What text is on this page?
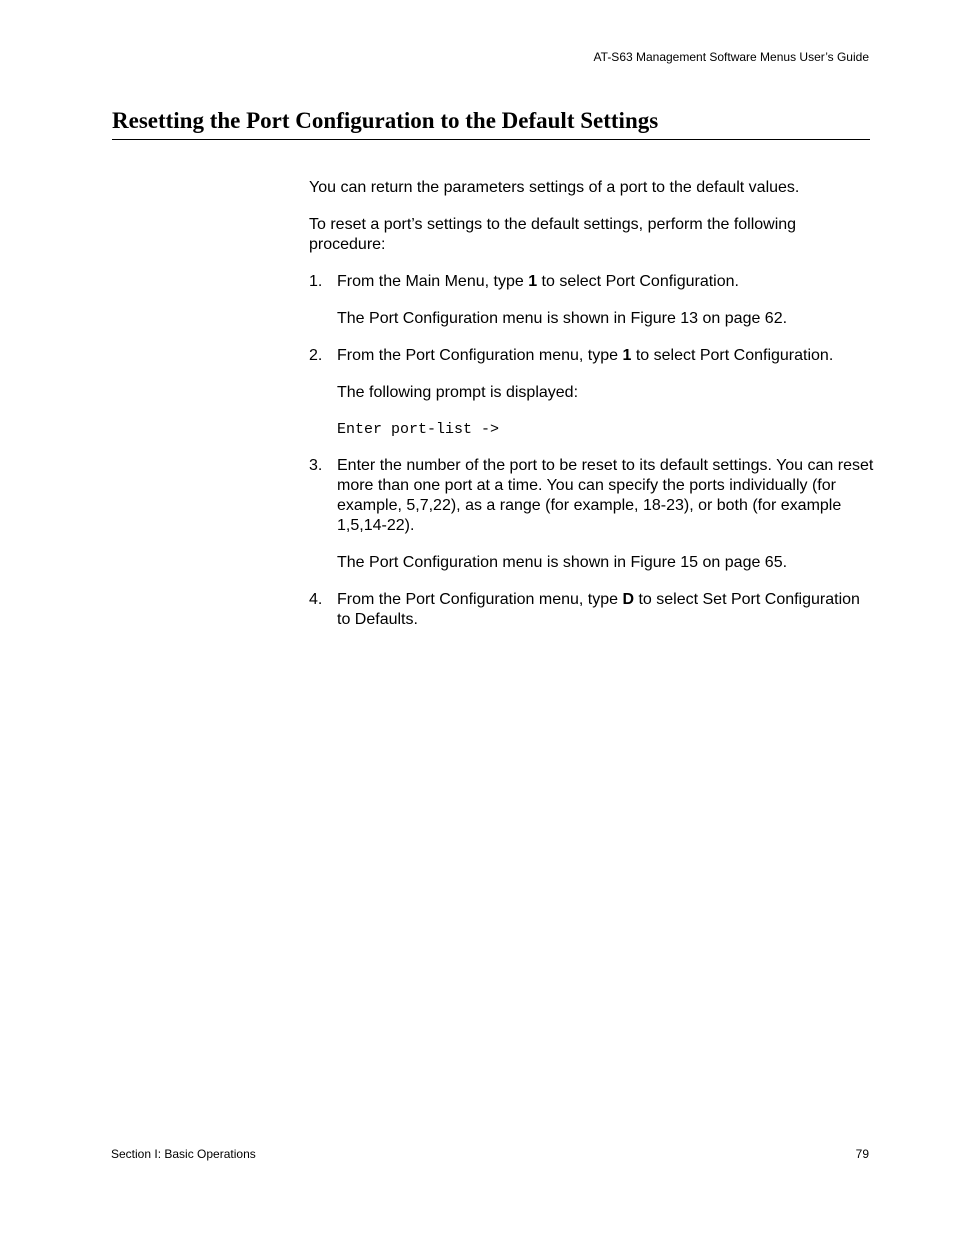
AT-S63 Management Software Menus User’s Guide
Resetting the Port Configuration to the Default Settings

You can return the parameters settings of a port to the default values.

To reset a port’s settings to the default settings, perform the following procedure:

1. From the Main Menu, type 1 to select Port Configuration.

The Port Configuration menu is shown in Figure 13 on page 62.

2. From the Port Configuration menu, type 1 to select Port Configuration.

The following prompt is displayed:

Enter port-list ->
3. Enter the number of the port to be reset to its default settings. You can reset more than one port at a time. You can specify the ports individually (for example, 5,7,22), as a range (for example, 18-23), or both (for example 1,5,14-22).

The Port Configuration menu is shown in Figure 15 on page 65.

4. From the Port Configuration menu, type D to select Set Port Configuration to Defaults.
Section I: Basic Operations	79
